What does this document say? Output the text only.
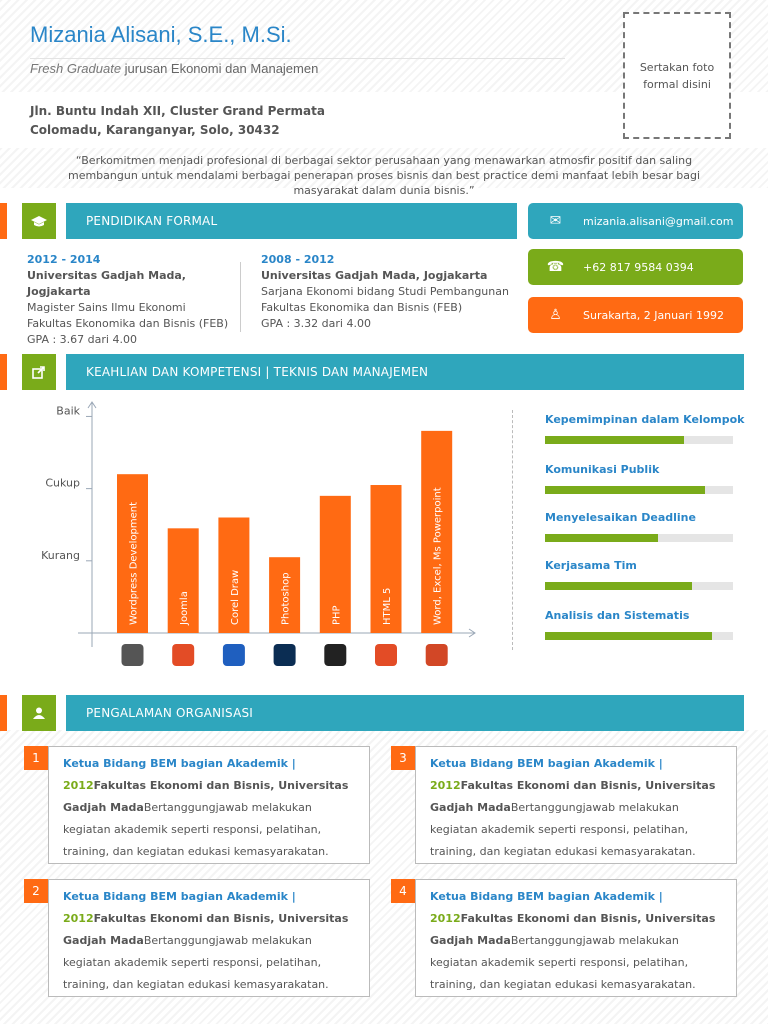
Mizania Alisani, S.E., M.Si.
Fresh Graduate jurusan Ekonomi dan Manajemen	Sertakan foto formal disini
Jln. Buntu Indah XII, Cluster Grand Permata
Colomadu, Karanganyar, Solo, 30432
“Berkomitmen menjadi profesional di berbagai sektor perusahaan yang menawarkan atmosfir positif dan saling membangun untuk mendalami berbagai penerapan proses bisnis dan best practice demi manfaat lebih besar bagi masyarakat dalam dunia bisnis.”
PENDIDIKAN FORMAL
2012 - 2014
Universitas Gadjah Mada, Jogjakarta
Magister Sains Ilmu Ekonomi
Fakultas Ekonomika dan Bisnis (FEB)
GPA : 3.67 dari 4.00
2008 - 2012
Universitas Gadjah Mada, Jogjakarta
Sarjana Ekonomi bidang Studi Pembangunan
Fakultas Ekonomika dan Bisnis (FEB)
GPA : 3.32 dari 4.00
✉	mizania.alisani@gmail.com
☎	+62 817 9584 0394
♙	Surakarta, 2 Januari 1992
KEAHLIAN DAN KOMPETENSI | TEKNIS DAN MANAJEMEN
Kurang
Cukup
Baik
Wordpress Development	Joomla	Corel Draw	Photoshop	PHP	HTML 5	Word, Excel, Ms Powerpoint
Kepemimpinan dalam Kelompok
Komunikasi Publik
Menyelesaikan Deadline
Kerjasama Tim
Analisis dan Sistematis
PENGALAMAN ORGANISASI
1	Ketua Bidang BEM bagian Akademik | 2012Fakultas Ekonomi dan Bisnis, Universitas Gadjah MadaBertanggungjawab melakukan kegiatan akademik seperti responsi, pelatihan, training, dan kegiatan edukasi kemasyarakatan.
2	Ketua Bidang BEM bagian Akademik | 2012Fakultas Ekonomi dan Bisnis, Universitas Gadjah MadaBertanggungjawab melakukan kegiatan akademik seperti responsi, pelatihan, training, dan kegiatan edukasi kemasyarakatan.
3	Ketua Bidang BEM bagian Akademik | 2012Fakultas Ekonomi dan Bisnis, Universitas Gadjah MadaBertanggungjawab melakukan kegiatan akademik seperti responsi, pelatihan, training, dan kegiatan edukasi kemasyarakatan.
4	Ketua Bidang BEM bagian Akademik | 2012Fakultas Ekonomi dan Bisnis, Universitas Gadjah MadaBertanggungjawab melakukan kegiatan akademik seperti responsi, pelatihan, training, dan kegiatan edukasi kemasyarakatan.
